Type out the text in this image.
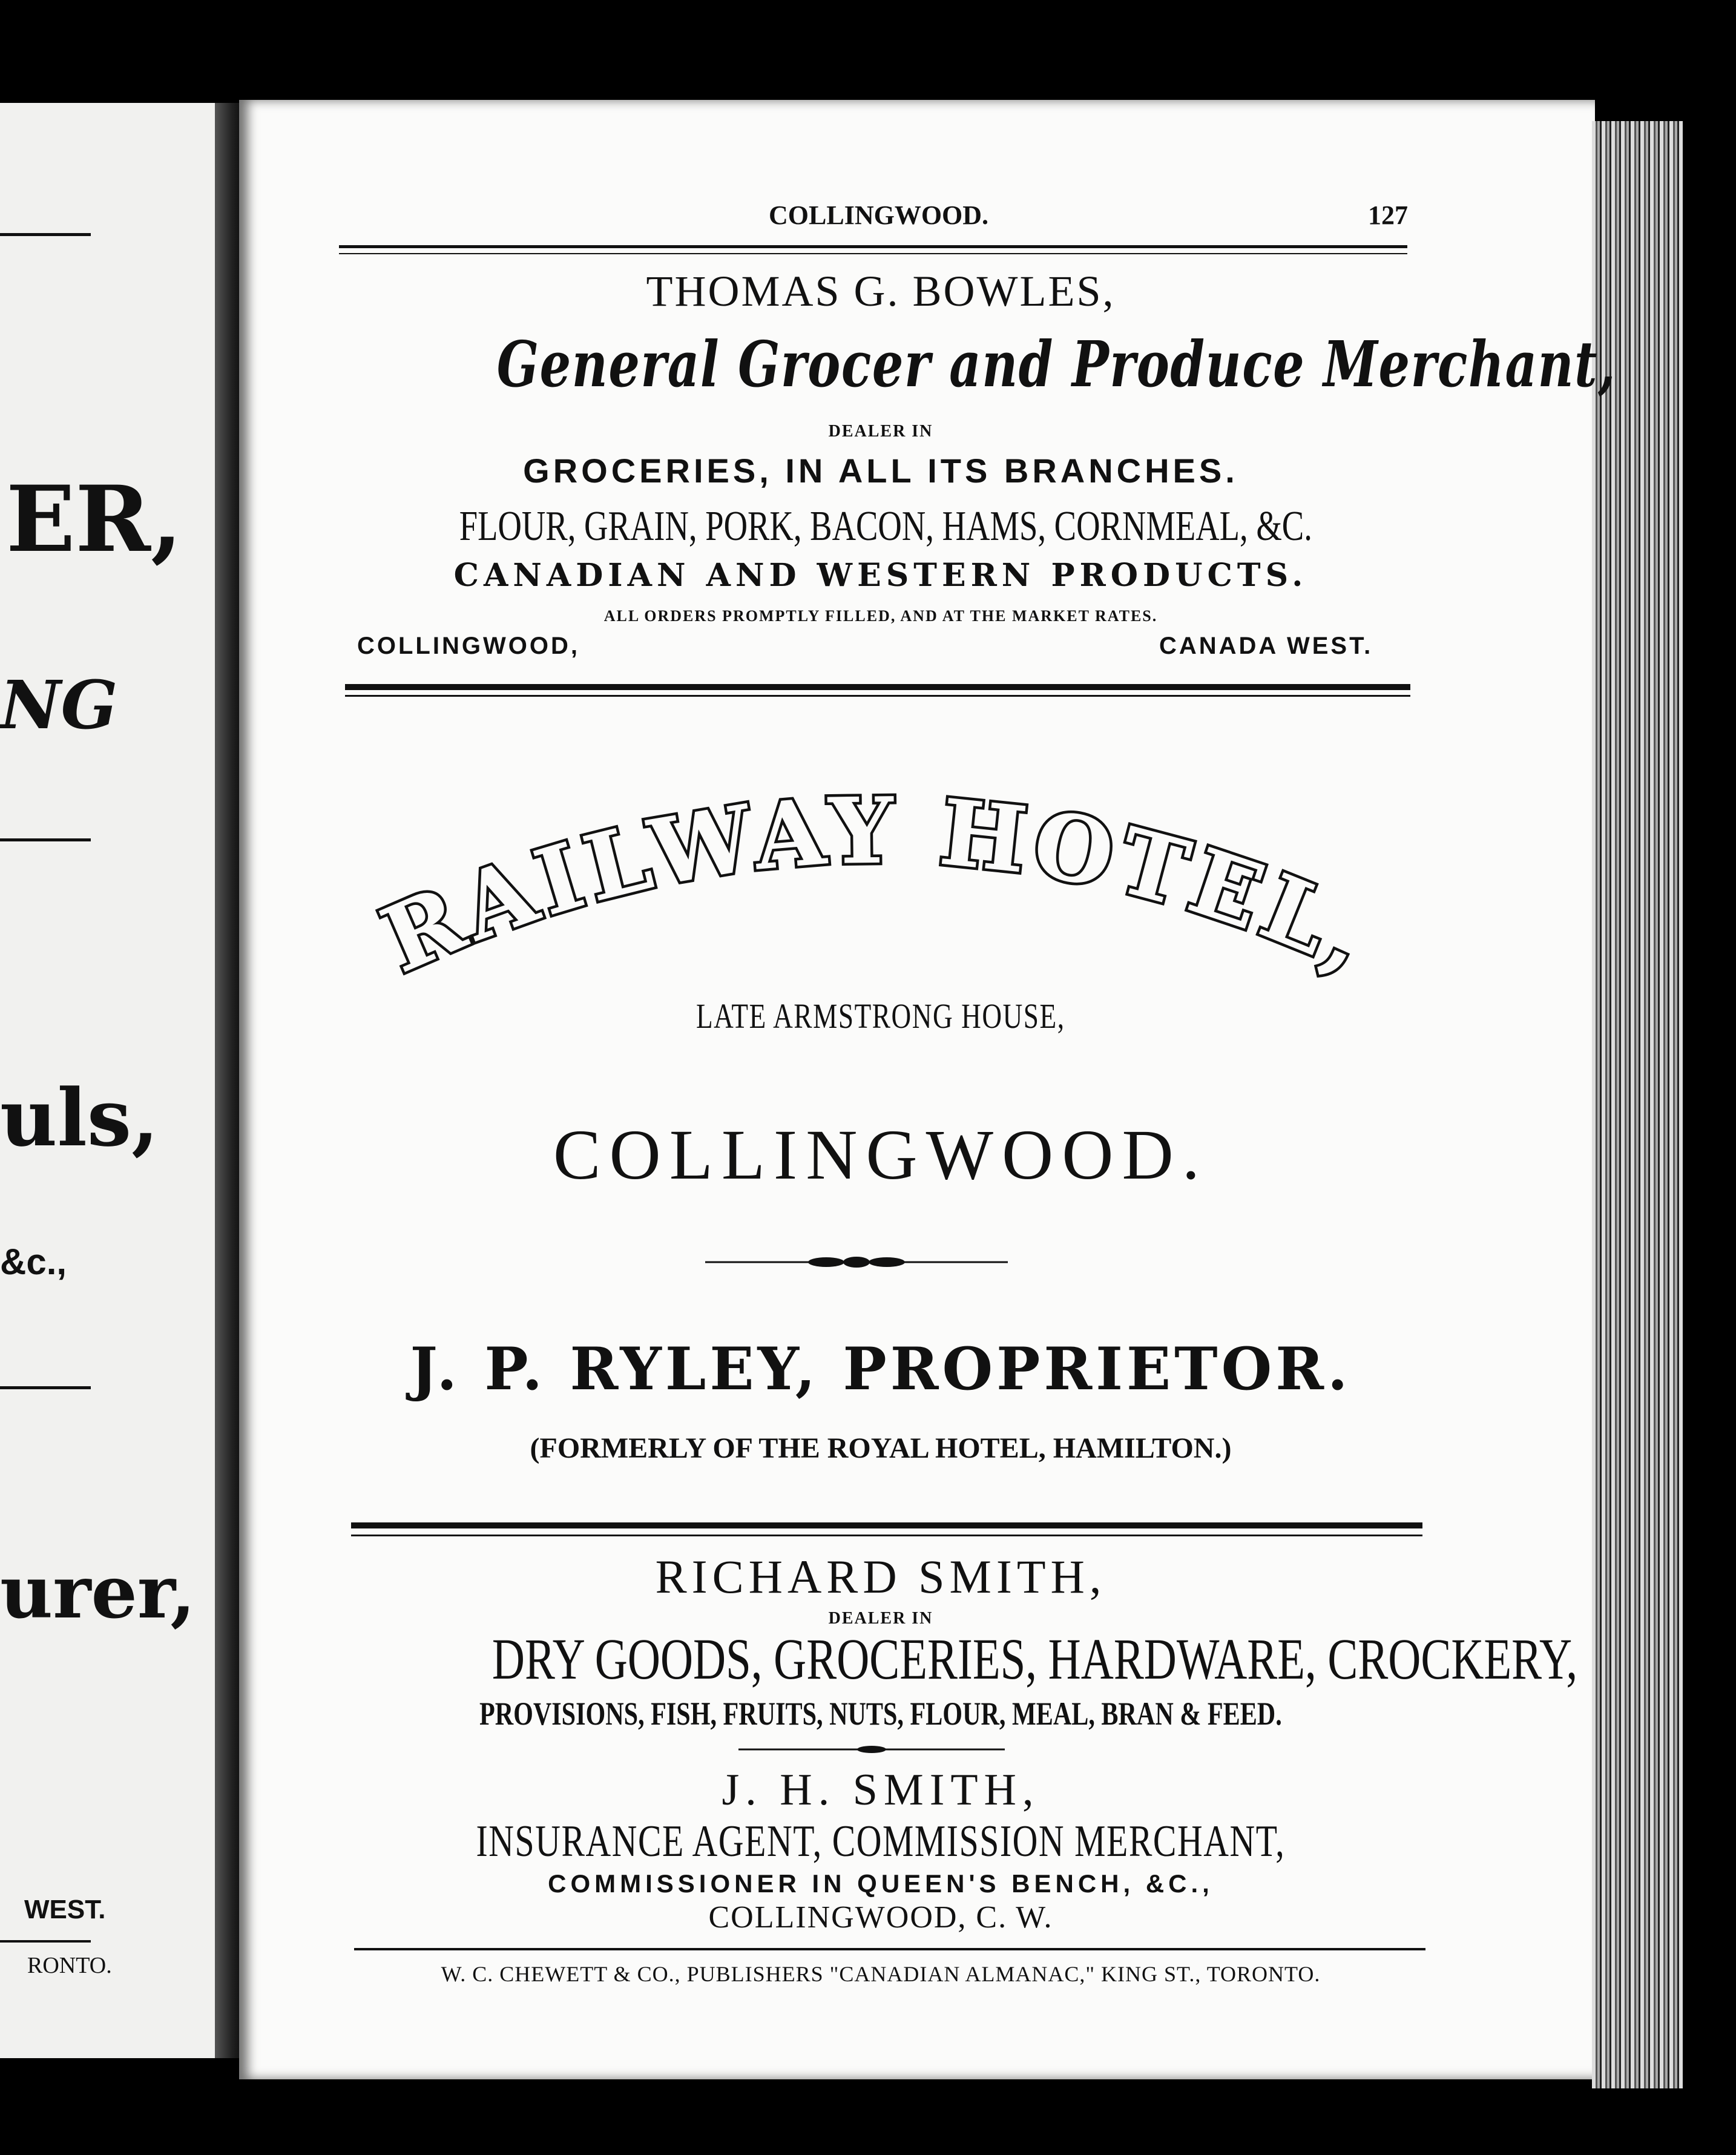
ER,
NG
uls,
&c.,
urer,
WEST.
RONTO.
COLLINGWOOD.	127
THOMAS G. BOWLES,
General Grocer and Produce Merchant,
DEALER IN
GROCERIES, IN ALL ITS BRANCHES.
FLOUR, GRAIN, PORK, BACON, HAMS, CORNMEAL, &C.
CANADIAN AND WESTERN PRODUCTS.
ALL ORDERS PROMPTLY FILLED, AND AT THE MARKET RATES.
COLLINGWOOD,	CANADA WEST.
RAILWAY HOTEL,
LATE ARMSTRONG HOUSE,
COLLINGWOOD.
J. P. RYLEY, PROPRIETOR.
(FORMERLY OF THE ROYAL HOTEL, HAMILTON.)
RICHARD SMITH,
DEALER IN
DRY GOODS, GROCERIES, HARDWARE, CROCKERY,
PROVISIONS, FISH, FRUITS, NUTS, FLOUR, MEAL, BRAN & FEED.
J. H. SMITH,
INSURANCE AGENT, COMMISSION MERCHANT,
COMMISSIONER IN QUEEN'S BENCH, &C.,
COLLINGWOOD, C. W.
W. C. CHEWETT & CO., PUBLISHERS "CANADIAN ALMANAC," KING ST., TORONTO.
